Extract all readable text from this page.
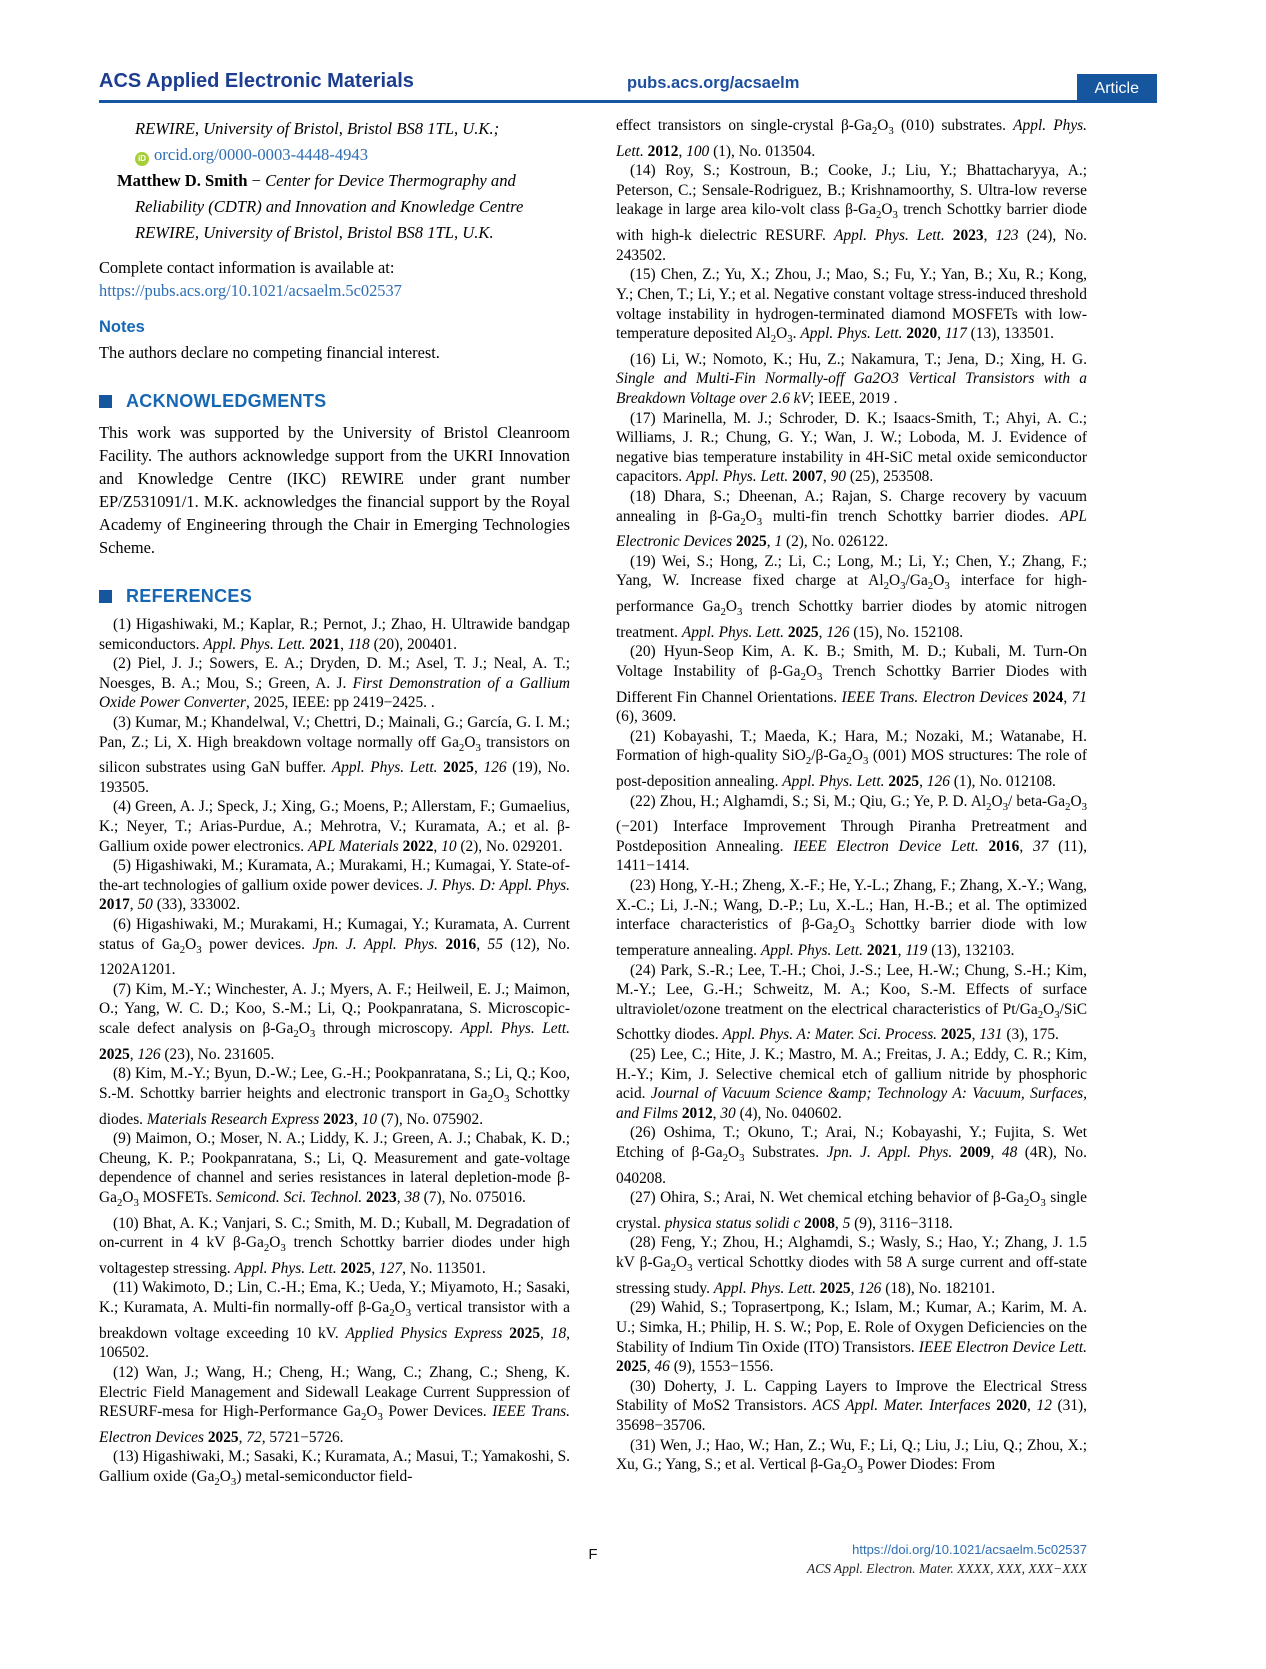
ACS Applied Electronic Materials	pubs.acs.org/acsaelm	Article
REWIRE, University of Bristol, Bristol BS8 1TL, U.K.;
iD orcid.org/0000-0003-4448-4943
Matthew D. Smith − Center for Device Thermography and Reliability (CDTR) and Innovation and Knowledge Centre REWIRE, University of Bristol, Bristol BS8 1TL, U.K.
Complete contact information is available at:
https://pubs.acs.org/10.1021/acsaelm.5c02537
Notes
The authors declare no competing financial interest.
ACKNOWLEDGMENTS
This work was supported by the University of Bristol Cleanroom Facility. The authors acknowledge support from the UKRI Innovation and Knowledge Centre (IKC) REWIRE under grant number EP/Z531091/1. M.K. acknowledges the financial support by the Royal Academy of Engineering through the Chair in Emerging Technologies Scheme.
REFERENCES

(1) Higashiwaki, M.; Kaplar, R.; Pernot, J.; Zhao, H. Ultrawide bandgap semiconductors. Appl. Phys. Lett. 2021, 118 (20), 200401.

(2) Piel, J. J.; Sowers, E. A.; Dryden, D. M.; Asel, T. J.; Neal, A. T.; Noesges, B. A.; Mou, S.; Green, A. J. First Demonstration of a Gallium Oxide Power Converter, 2025, IEEE: pp 2419−2425. .

(3) Kumar, M.; Khandelwal, V.; Chettri, D.; Mainali, G.; García, G. I. M.; Pan, Z.; Li, X. High breakdown voltage normally off $Ga_2O_3$ transistors on silicon substrates using GaN buffer. Appl. Phys. Lett. 2025, 126 (19), No. 193505.

(4) Green, A. J.; Speck, J.; Xing, G.; Moens, P.; Allerstam, F.; Gumaelius, K.; Neyer, T.; Arias-Purdue, A.; Mehrotra, V.; Kuramata, A.; et al. β-Gallium oxide power electronics. APL Materials 2022, 10 (2), No. 029201.

(5) Higashiwaki, M.; Kuramata, A.; Murakami, H.; Kumagai, Y. State-of-the-art technologies of gallium oxide power devices. J. Phys. D: Appl. Phys. 2017, 50 (33), 333002.

(6) Higashiwaki, M.; Murakami, H.; Kumagai, Y.; Kuramata, A. Current status of $Ga_2O_3$ power devices. Jpn. J. Appl. Phys. 2016, 55 (12), No. 1202A1201.

(7) Kim, M.-Y.; Winchester, A. J.; Myers, A. F.; Heilweil, E. J.; Maimon, O.; Yang, W. C. D.; Koo, S.-M.; Li, Q.; Pookpanratana, S. Microscopic-scale defect analysis on $\beta-Ga_2O_3$ through microscopy. Appl. Phys. Lett. 2025, 126 (23), No. 231605.

(8) Kim, M.-Y.; Byun, D.-W.; Lee, G.-H.; Pookpanratana, S.; Li, Q.; Koo, S.-M. Schottky barrier heights and electronic transport in $Ga_2O_3$ Schottky diodes. Materials Research Express 2023, 10 (7), No. 075902.

(9) Maimon, O.; Moser, N. A.; Liddy, K. J.; Green, A. J.; Chabak, K. D.; Cheung, K. P.; Pookpanratana, S.; Li, Q. Measurement and gate-voltage dependence of channel and series resistances in lateral depletion-mode $\beta-Ga_2O_3$ MOSFETs. Semicond. Sci. Technol. 2023, 38 (7), No. 075016.

(10) Bhat, A. K.; Vanjari, S. C.; Smith, M. D.; Kuball, M. Degradation of on-current in 4 kV $\beta-Ga_2O_3$ trench Schottky barrier diodes under high voltagestep stressing. Appl. Phys. Lett. 2025, 127, No. 113501.

(11) Wakimoto, D.; Lin, C.-H.; Ema, K.; Ueda, Y.; Miyamoto, H.; Sasaki, K.; Kuramata, A. Multi-fin normally-off $\beta-Ga_2O_3$ vertical transistor with a breakdown voltage exceeding 10 kV. Applied Physics Express 2025, 18, 106502.

(12) Wan, J.; Wang, H.; Cheng, H.; Wang, C.; Zhang, C.; Sheng, K. Electric Field Management and Sidewall Leakage Current Suppression of RESURF-mesa for High-Performance $Ga_2O_3$ Power Devices. IEEE Trans. Electron Devices 2025, 72, 5721−5726.

(13) Higashiwaki, M.; Sasaki, K.; Kuramata, A.; Masui, T.; Yamakoshi, S. Gallium oxide $(Ga_2O_3)$ metal-semiconductor field-

effect transistors on single-crystal $\beta-Ga_2O_3$ (010) substrates. Appl. Phys. Lett. 2012, 100 (1), No. 013504.

(14) Roy, S.; Kostroun, B.; Cooke, J.; Liu, Y.; Bhattacharyya, A.; Peterson, C.; Sensale-Rodriguez, B.; Krishnamoorthy, S. Ultra-low reverse leakage in large area kilo-volt class $\beta-Ga_2O_3$ trench Schottky barrier diode with high-k dielectric RESURF. Appl. Phys. Lett. 2023, 123 (24), No. 243502.

(15) Chen, Z.; Yu, X.; Zhou, J.; Mao, S.; Fu, Y.; Yan, B.; Xu, R.; Kong, Y.; Chen, T.; Li, Y.; et al. Negative constant voltage stress-induced threshold voltage instability in hydrogen-terminated diamond MOSFETs with low-temperature deposited $Al_2O_3$. Appl. Phys. Lett. 2020, 117 (13), 133501.

(16) Li, W.; Nomoto, K.; Hu, Z.; Nakamura, T.; Jena, D.; Xing, H. G. Single and Multi-Fin Normally-off Ga2O3 Vertical Transistors with a Breakdown Voltage over 2.6 kV; IEEE, 2019 .

(17) Marinella, M. J.; Schroder, D. K.; Isaacs-Smith, T.; Ahyi, A. C.; Williams, J. R.; Chung, G. Y.; Wan, J. W.; Loboda, M. J. Evidence of negative bias temperature instability in 4H-SiC metal oxide semiconductor capacitors. Appl. Phys. Lett. 2007, 90 (25), 253508.

(18) Dhara, S.; Dheenan, A.; Rajan, S. Charge recovery by vacuum annealing in $\beta-Ga_2O_3$ multi-fin trench Schottky barrier diodes. APL Electronic Devices 2025, 1 (2), No. 026122.

(19) Wei, S.; Hong, Z.; Li, C.; Long, M.; Li, Y.; Chen, Y.; Zhang, F.; Yang, W. Increase fixed charge at $Al_2O_3/Ga_2O_3$ interface for high-performance $Ga_2O_3$ trench Schottky barrier diodes by atomic nitrogen treatment. Appl. Phys. Lett. 2025, 126 (15), No. 152108.

(20) Hyun-Seop Kim, A. K. B.; Smith, M. D.; Kubali, M. Turn-On Voltage Instability of $\beta-Ga_2O_3$ Trench Schottky Barrier Diodes with Different Fin Channel Orientations. IEEE Trans. Electron Devices 2024, 71 (6), 3609.

(21) Kobayashi, T.; Maeda, K.; Hara, M.; Nozaki, M.; Watanabe, H. Formation of high-quality $SiO_2/\beta-Ga_2O_3$ (001) MOS structures: The role of post-deposition annealing. Appl. Phys. Lett. 2025, 126 (1), No. 012108.

(22) Zhou, H.; Alghamdi, S.; Si, M.; Qiu, G.; Ye, P. D. $Al_2O_3/$ beta-$Ga_2O_3$ (−201) Interface Improvement Through Piranha Pretreatment and Postdeposition Annealing. IEEE Electron Device Lett. 2016, 37 (11), 1411−1414.

(23) Hong, Y.-H.; Zheng, X.-F.; He, Y.-L.; Zhang, F.; Zhang, X.-Y.; Wang, X.-C.; Li, J.-N.; Wang, D.-P.; Lu, X.-L.; Han, H.-B.; et al. The optimized interface characteristics of $\beta-Ga_2O_3$ Schottky barrier diode with low temperature annealing. Appl. Phys. Lett. 2021, 119 (13), 132103.

(24) Park, S.-R.; Lee, T.-H.; Choi, J.-S.; Lee, H.-W.; Chung, S.-H.; Kim, M.-Y.; Lee, G.-H.; Schweitz, M. A.; Koo, S.-M. Effects of surface ultraviolet/ozone treatment on the electrical characteristics of $Pt/Ga_2O_3$/SiC Schottky diodes. Appl. Phys. A: Mater. Sci. Process. 2025, 131 (3), 175.

(25) Lee, C.; Hite, J. K.; Mastro, M. A.; Freitas, J. A.; Eddy, C. R.; Kim, H.-Y.; Kim, J. Selective chemical etch of gallium nitride by phosphoric acid. Journal of Vacuum Science &amp; Technology A: Vacuum, Surfaces, and Films 2012, 30 (4), No. 040602.

(26) Oshima, T.; Okuno, T.; Arai, N.; Kobayashi, Y.; Fujita, S. Wet Etching of $\beta-Ga_2O_3$ Substrates. Jpn. J. Appl. Phys. 2009, 48 (4R), No. 040208.

(27) Ohira, S.; Arai, N. Wet chemical etching behavior of $\beta-Ga_2O_3$ single crystal. physica status solidi c 2008, 5 (9), 3116−3118.

(28) Feng, Y.; Zhou, H.; Alghamdi, S.; Wasly, S.; Hao, Y.; Zhang, J. 1.5 kV $\beta-Ga_2O_3$ vertical Schottky diodes with 58 A surge current and off-state stressing study. Appl. Phys. Lett. 2025, 126 (18), No. 182101.

(29) Wahid, S.; Toprasertpong, K.; Islam, M.; Kumar, A.; Karim, M. A. U.; Simka, H.; Philip, H. S. W.; Pop, E. Role of Oxygen Deficiencies on the Stability of Indium Tin Oxide (ITO) Transistors. IEEE Electron Device Lett. 2025, 46 (9), 1553−1556.

(30) Doherty, J. L. Capping Layers to Improve the Electrical Stress Stability of MoS2 Transistors. ACS Appl. Mater. Interfaces 2020, 12 (31), 35698−35706.

(31) Wen, J.; Hao, W.; Han, Z.; Wu, F.; Li, Q.; Liu, J.; Liu, Q.; Zhou, X.; Xu, G.; Yang, S.; et al. Vertical $\beta-Ga_2O_3$ Power Diodes: From

F	https://doi.org/10.1021/acsaelm.5c02537
ACS Appl. Electron. Mater. XXXX, XXX, XXX−XXX
